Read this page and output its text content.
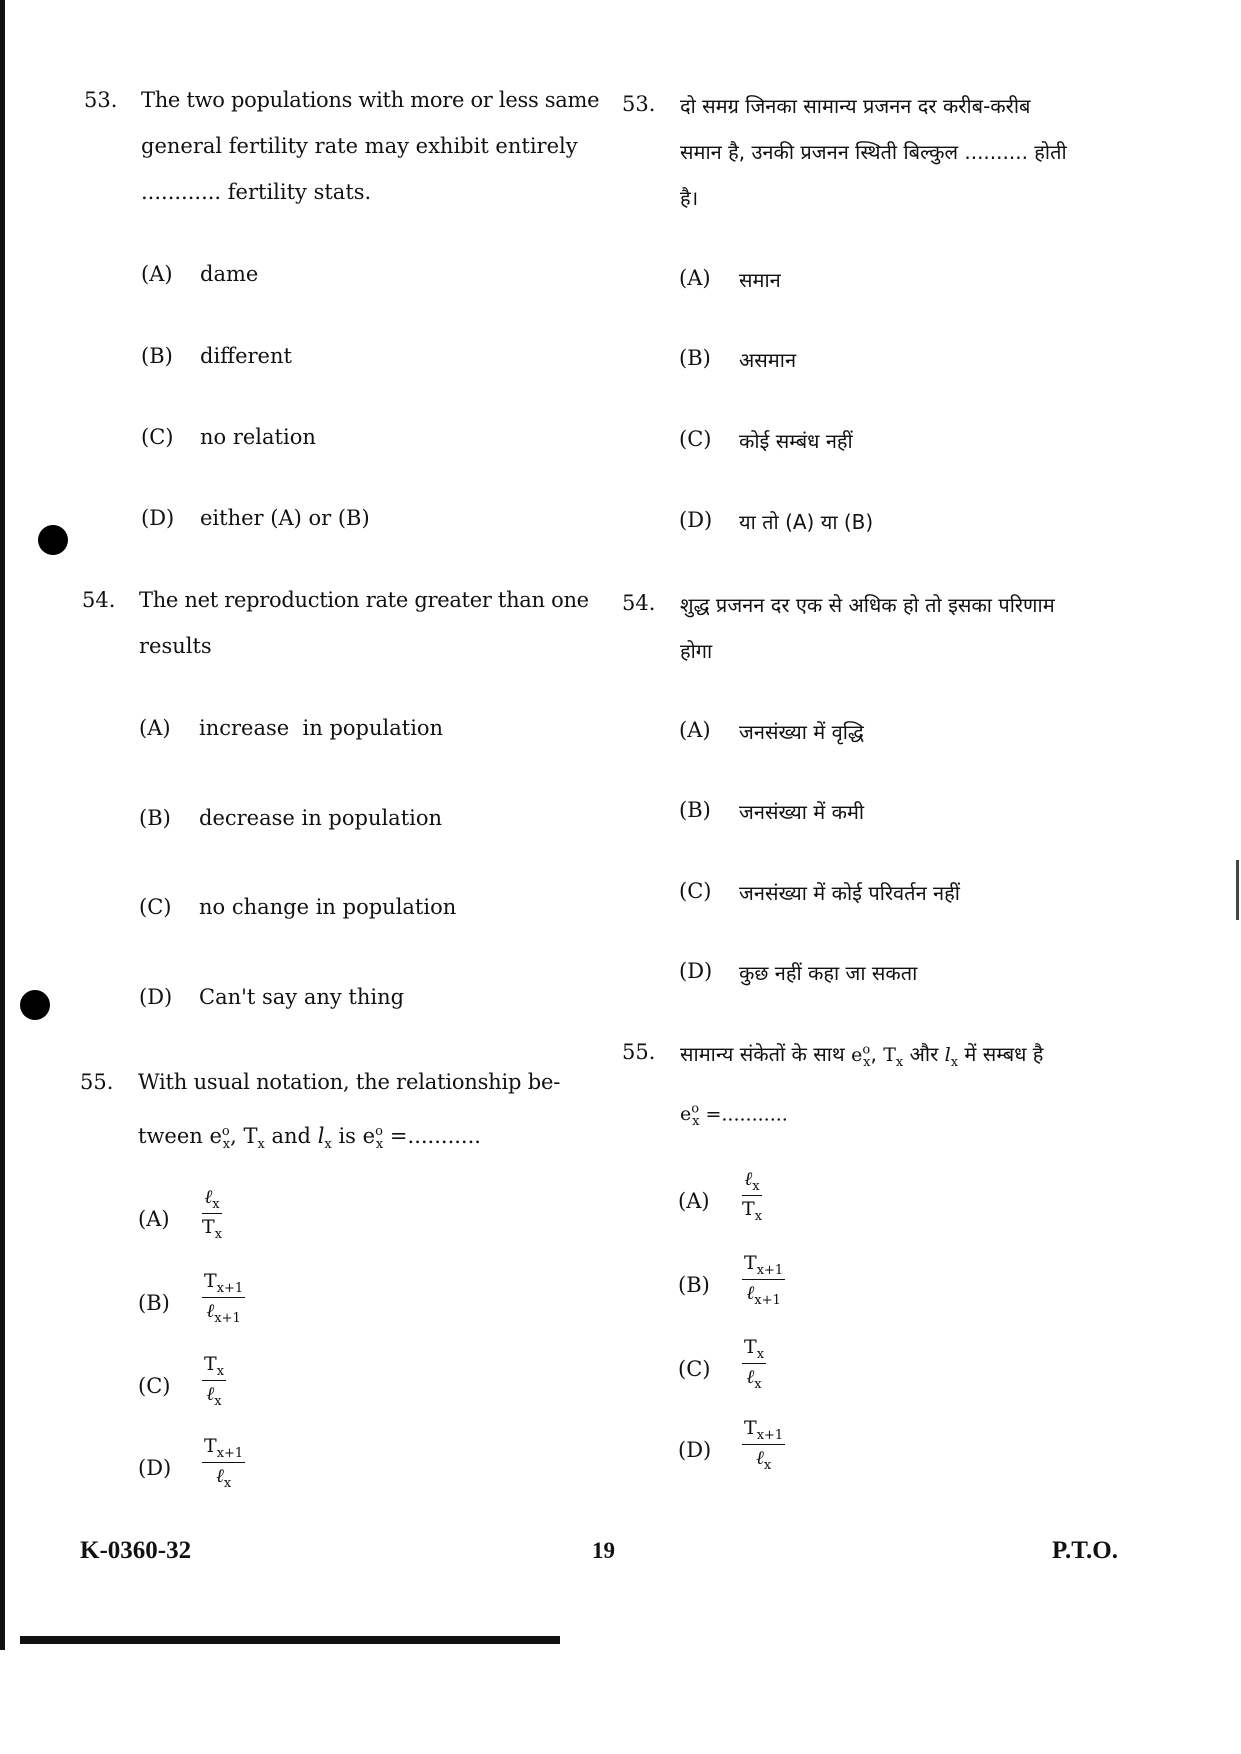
53. The two populations with more or less same
general fertility rate may exhibit entirely
............ fertility stats.
(A) dame
(B) different
(C) no relation
(D) either (A) or (B)
54. The net reproduction rate greater than one
results
(A) increase  in population
(B) decrease in population
(C) no change in population
(D) Can't say any thing
55. With usual notation, the relationship be-
tween $e^o_x$, $T_x$ and $l_x$ is $e^o_x$ =...........
(A)
ℓ$_x$
$T_x$
(B)
$T_{x+1}$
ℓ$_{x+1}$
(C)
$T_x$
ℓ$_x$
(D)
$T_{x+1}$
ℓ$_x$
53. दो समग्र जिनका सामान्य प्रजनन दर करीब-करीब
समान है, उनकी प्रजनन स्थिती बिल्कुल .......... होती
है।
(A) समान
(B) असमान
(C) कोई सम्बंध नहीं
(D) या तो (A) या (B)
54. शुद्ध प्रजनन दर एक से अधिक हो तो इसका परिणाम
होगा
(A) जनसंख्या में वृद्धि
(B) जनसंख्या में कमी
(C) जनसंख्या में कोई परिवर्तन नहीं
(D) कुछ नहीं कहा जा सकता
55. सामान्य संकेतों के साथ $e^o_x$, $T_x$ और $l_x$ में सम्बध है
$e^o_x$ =...........
(A)
ℓ$_x$
$T_x$
(B)
$T_{x+1}$
ℓ$_{x+1}$
(C)
$T_x$
ℓ$_x$
(D)
$T_{x+1}$
ℓ$_x$
K-0360-32	19	P.T.O.
